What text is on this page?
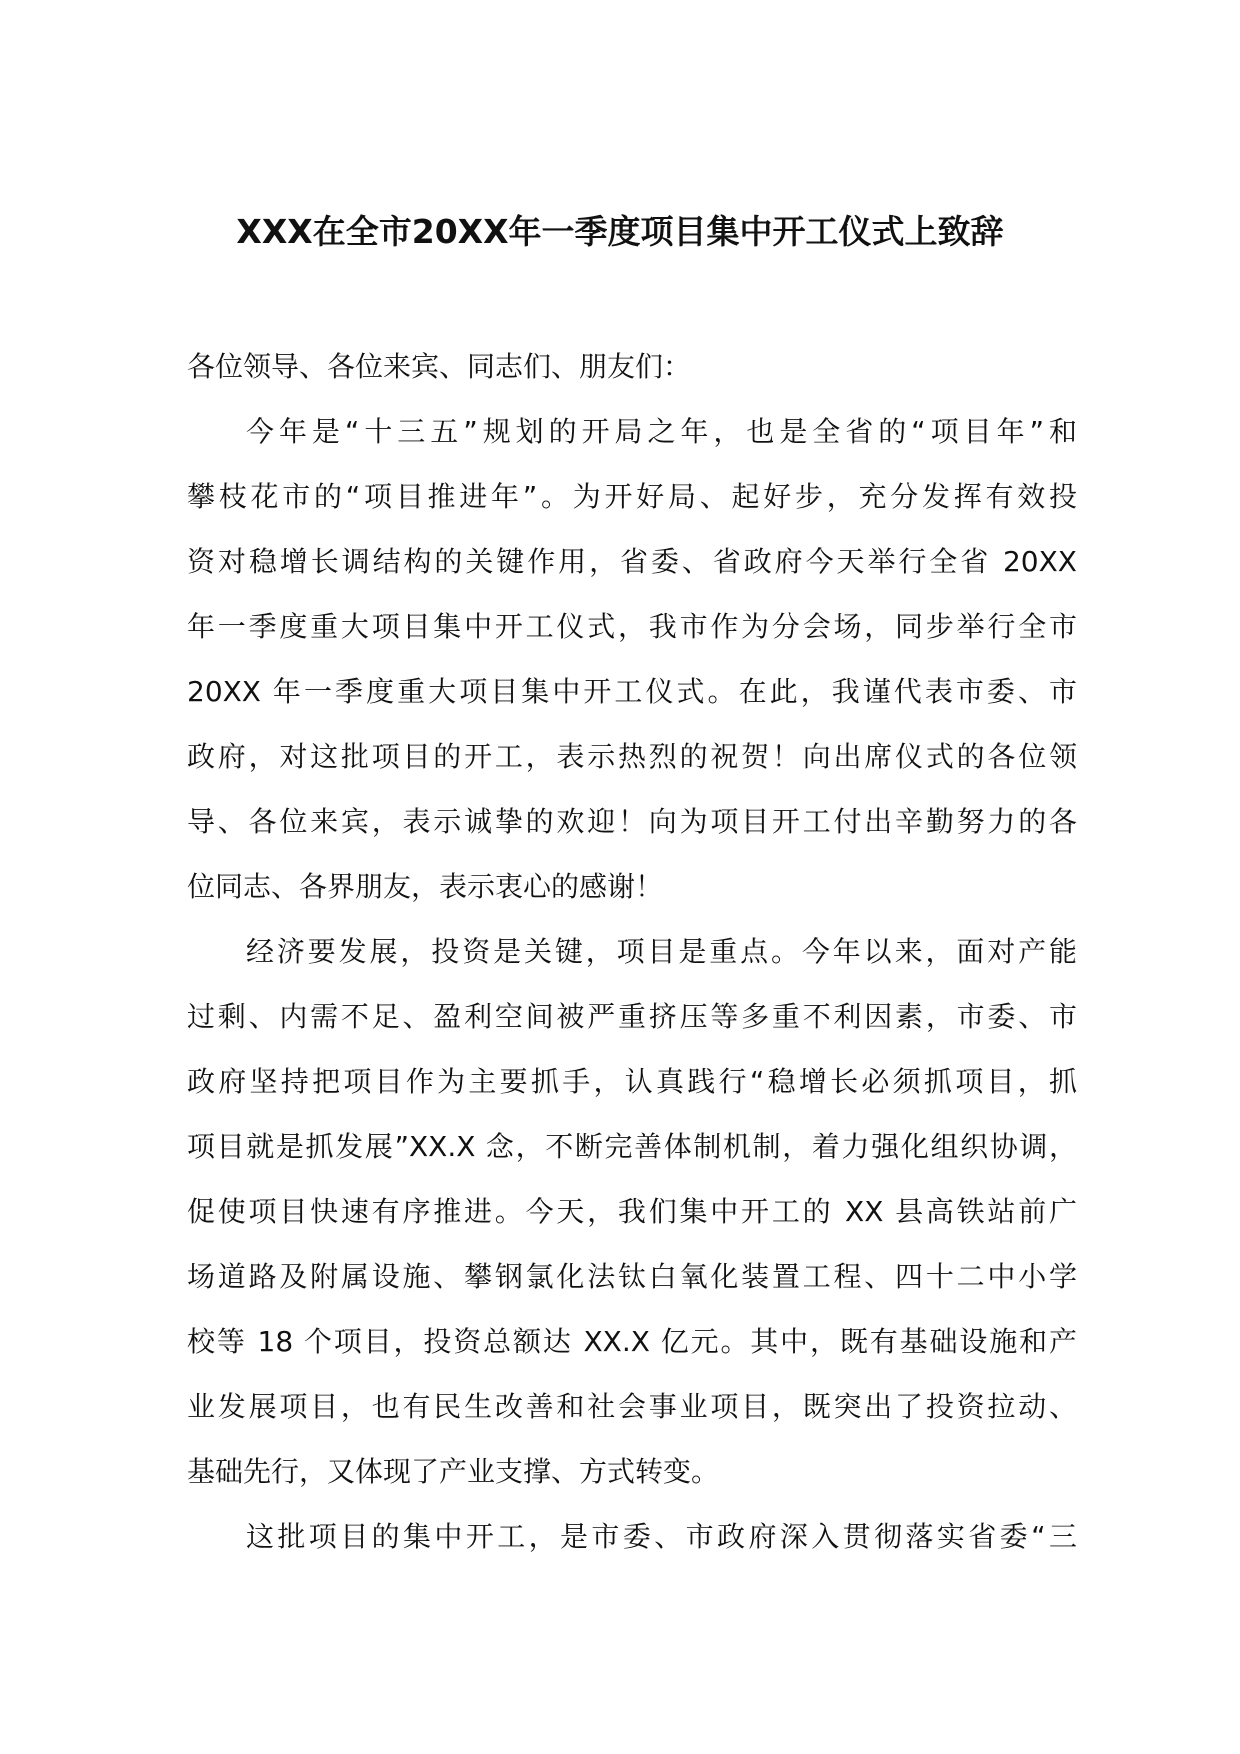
XXX在全市20XX年一季度项目集中开工仪式上致辞
各位领导、各位来宾、同志们、朋友们：
今年是“十三五”规划的开局之年，也是全省的“项目年”和
攀枝花市的“项目推进年”。为开好局、起好步，充分发挥有效投
资对稳增长调结构的关键作用，省委、省政府今天举行全省 20XX
年一季度重大项目集中开工仪式，我市作为分会场，同步举行全市
20XX 年一季度重大项目集中开工仪式。在此，我谨代表市委、市
政府，对这批项目的开工，表示热烈的祝贺！向出席仪式的各位领
导、各位来宾，表示诚挚的欢迎！向为项目开工付出辛勤努力的各
位同志、各界朋友，表示衷心的感谢！
经济要发展，投资是关键，项目是重点。今年以来，面对产能
过剩、内需不足、盈利空间被严重挤压等多重不利因素，市委、市
政府坚持把项目作为主要抓手，认真践行“稳增长必须抓项目，抓
项目就是抓发展”XX.X 念，不断完善体制机制，着力强化组织协调，
促使项目快速有序推进。今天，我们集中开工的 XX 县高铁站前广
场道路及附属设施、攀钢氯化法钛白氧化装置工程、四十二中小学
校等 18 个项目，投资总额达 XX.X 亿元。其中，既有基础设施和产
业发展项目，也有民生改善和社会事业项目，既突出了投资拉动、
基础先行，又体现了产业支撑、方式转变。
这批项目的集中开工，是市委、市政府深入贯彻落实省委“三
